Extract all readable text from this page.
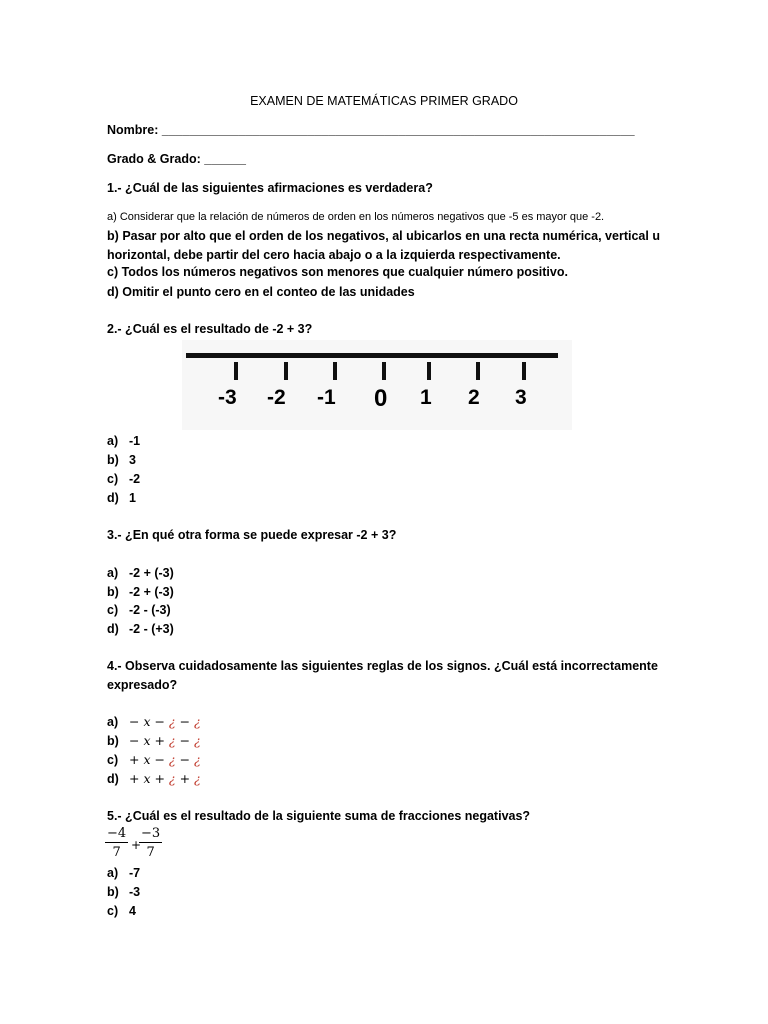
EXAMEN DE MATEMÁTICAS PRIMER GRADO
Nombre: ____________________________________________________________________
Grado & Grado: ______
1.- ¿Cuál de las siguientes afirmaciones es verdadera?
a) Considerar que la relación de números de orden en los números negativos que -5 es mayor que -2.
b) Pasar por alto que el orden de los negativos, al ubicarlos en una recta numérica, vertical u horizontal, debe partir del cero hacia abajo o a la izquierda respectivamente.
c) Todos los números negativos son menores que cualquier número positivo.
d) Omitir el punto cero en el conteo de las unidades
2.- ¿Cuál es el resultado de -2 + 3?
-3 -2 -1 0 1 2 3
a) -1
b) 3
c) -2
d) 1
3.- ¿En qué otra forma se puede expresar -2 + 3?
a) -2 + (-3)
b) -2 + (-3)
c) -2 - (-3)
d) -2 - (+3)
4.- Observa cuidadosamente las siguientes reglas de los signos. ¿Cuál está incorrectamente
expresado?
a) − x − ¿ − ¿
b) − x + ¿ − ¿
c) + x − ¿ − ¿
d) + x + ¿ + ¿
5.- ¿Cuál es el resultado de la siguiente suma de fracciones negativas?
$\frac{-4}{7}$ +
$\frac{-3}{7}$
a) -7
b) -3
c) 4
